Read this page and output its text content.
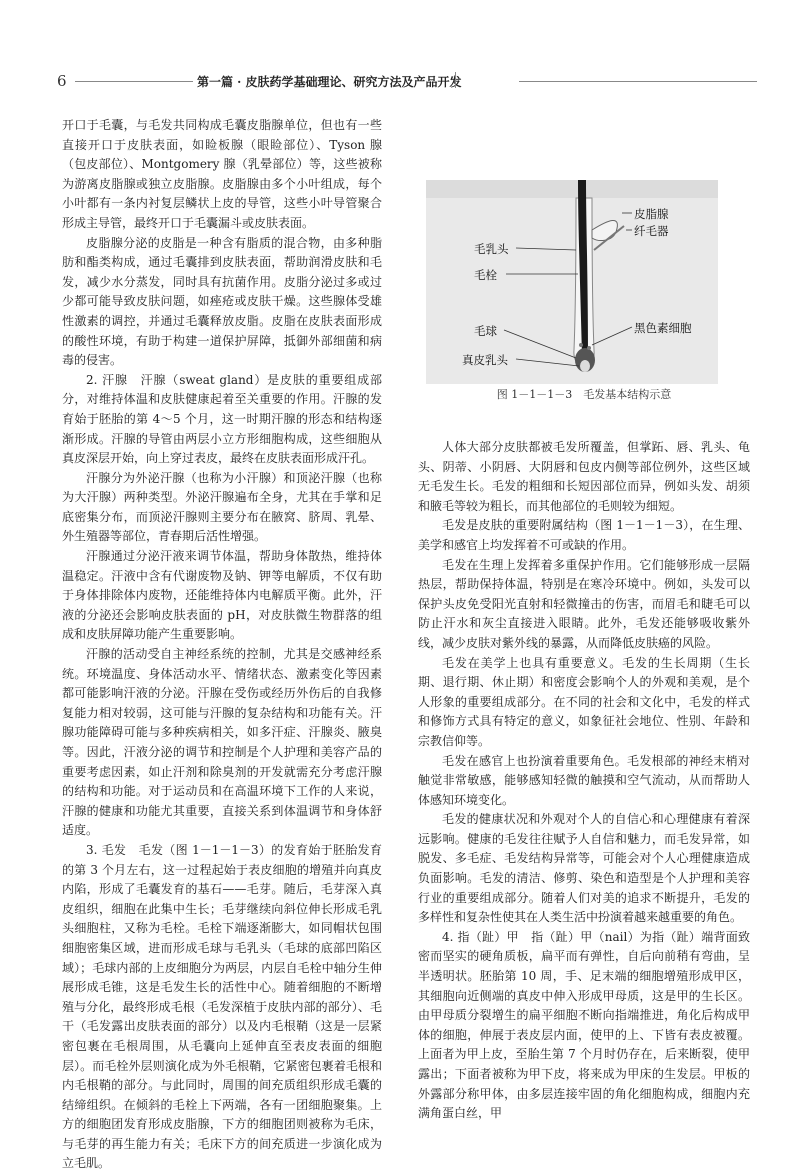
6	第一篇 · 皮肤药学基础理论、研究方法及产品开发

开口于毛囊，与毛发共同构成毛囊皮脂腺单位，但也有一些直接开口于皮肤表面，如睑板腺（眼睑部位）、Tyson 腺（包皮部位）、Montgomery 腺（乳晕部位）等，这些被称为游离皮脂腺或独立皮脂腺。皮脂腺由多个小叶组成，每个小叶都有一条内衬复层鳞状上皮的导管，这些小叶导管聚合形成主导管，最终开口于毛囊漏斗或皮肤表面。

皮脂腺分泌的皮脂是一种含有脂质的混合物，由多种脂肪和酯类构成，通过毛囊排到皮肤表面，帮助润滑皮肤和毛发，减少水分蒸发，同时具有抗菌作用。皮脂分泌过多或过少都可能导致皮肤问题，如痤疮或皮肤干燥。这些腺体受雄性激素的调控，并通过毛囊释放皮脂。皮脂在皮肤表面形成的酸性环境，有助于构建一道保护屏障，抵御外部细菌和病毒的侵害。

2. 汗腺　汗腺（sweat gland）是皮肤的重要组成部分，对维持体温和皮肤健康起着至关重要的作用。汗腺的发育始于胚胎的第 4～5 个月，这一时期汗腺的形态和结构逐渐形成。汗腺的导管由两层小立方形细胞构成，这些细胞从真皮深层开始，向上穿过表皮，最终在皮肤表面形成汗孔。

汗腺分为外泌汗腺（也称为小汗腺）和顶泌汗腺（也称为大汗腺）两种类型。外泌汗腺遍布全身，尤其在手掌和足底密集分布，而顶泌汗腺则主要分布在腋窝、脐周、乳晕、外生殖器等部位，青春期后活性增强。

汗腺通过分泌汗液来调节体温，帮助身体散热，维持体温稳定。汗液中含有代谢废物及钠、钾等电解质，不仅有助于身体排除体内废物，还能维持体内电解质平衡。此外，汗液的分泌还会影响皮肤表面的 pH，对皮肤微生物群落的组成和皮肤屏障功能产生重要影响。

汗腺的活动受自主神经系统的控制，尤其是交感神经系统。环境温度、身体活动水平、情绪状态、激素变化等因素都可能影响汗液的分泌。汗腺在受伤或经历外伤后的自我修复能力相对较弱，这可能与汗腺的复杂结构和功能有关。汗腺功能障碍可能与多种疾病相关，如多汗症、汗腺炎、腋臭等。因此，汗液分泌的调节和控制是个人护理和美容产品的重要考虑因素，如止汗剂和除臭剂的开发就需充分考虑汗腺的结构和功能。对于运动员和在高温环境下工作的人来说，汗腺的健康和功能尤其重要，直接关系到体温调节和身体舒适度。

3. 毛发　毛发（图 1－1－1－3）的发育始于胚胎发育的第 3 个月左右，这一过程起始于表皮细胞的增殖并向真皮内陷，形成了毛囊发育的基石——毛芽。随后，毛芽深入真皮组织，细胞在此集中生长；毛芽继续向斜位伸长形成毛乳头细胞柱，又称为毛栓。毛栓下端逐渐膨大，如同帽状包围细胞密集区域，进而形成毛球与毛乳头（毛球的底部凹陷区域）；毛球内部的上皮细胞分为两层，内层自毛栓中轴分生伸展形成毛锥，这是毛发生长的活性中心。随着细胞的不断增殖与分化，最终形成毛根（毛发深植于皮肤内部的部分）、毛干（毛发露出皮肤表面的部分）以及内毛根鞘（这是一层紧密包裹在毛根周围，从毛囊向上延伸直至表皮表面的细胞层）。而毛栓外层则演化成为外毛根鞘，它紧密包裹着毛根和内毛根鞘的部分。与此同时，周围的间充质组织形成毛囊的结缔组织。在倾斜的毛栓上下两端，各有一团细胞聚集。上方的细胞团发育形成皮脂腺，下方的细胞团则被称为毛床，与毛芽的再生能力有关；毛床下方的间充质进一步演化成为立毛肌。

皮脂腺
纤毛器
毛乳头
毛栓
毛球
真皮乳头
黑色素细胞
图 1－1－1－3　毛发基本结构示意

人体大部分皮肤都被毛发所覆盖，但掌跖、唇、乳头、龟头、阴蒂、小阴唇、大阴唇和包皮内侧等部位例外，这些区域无毛发生长。毛发的粗细和长短因部位而异，例如头发、胡须和腋毛等较为粗长，而其他部位的毛则较为细短。

毛发是皮肤的重要附属结构（图 1－1－1－3），在生理、美学和感官上均发挥着不可或缺的作用。

毛发在生理上发挥着多重保护作用。它们能够形成一层隔热层，帮助保持体温，特别是在寒冷环境中。例如，头发可以保护头皮免受阳光直射和轻微撞击的伤害，而眉毛和睫毛可以防止汗水和灰尘直接进入眼睛。此外，毛发还能够吸收紫外线，减少皮肤对紫外线的暴露，从而降低皮肤癌的风险。

毛发在美学上也具有重要意义。毛发的生长周期（生长期、退行期、休止期）和密度会影响个人的外观和美观，是个人形象的重要组成部分。在不同的社会和文化中，毛发的样式和修饰方式具有特定的意义，如象征社会地位、性别、年龄和宗教信仰等。

毛发在感官上也扮演着重要角色。毛发根部的神经末梢对触觉非常敏感，能够感知轻微的触摸和空气流动，从而帮助人体感知环境变化。

毛发的健康状况和外观对个人的自信心和心理健康有着深远影响。健康的毛发往往赋予人自信和魅力，而毛发异常，如脱发、多毛症、毛发结构异常等，可能会对个人心理健康造成负面影响。毛发的清洁、修剪、染色和造型是个人护理和美容行业的重要组成部分。随着人们对美的追求不断提升，毛发的多样性和复杂性使其在人类生活中扮演着越来越重要的角色。

4. 指（趾）甲　指（趾）甲（nail）为指（趾）端背面致密而坚实的硬角质板，扁平而有弹性，自后向前稍有弯曲，呈半透明状。胚胎第 10 周，手、足末端的细胞增殖形成甲区，其细胞向近侧端的真皮中伸入形成甲母质，这是甲的生长区。由甲母质分裂增生的扁平细胞不断向指端推进，角化后构成甲体的细胞，伸展于表皮层内面，使甲的上、下皆有表皮被覆。上面者为甲上皮，至胎生第 7 个月时仍存在，后来断裂，使甲露出；下面者被称为甲下皮，将来成为甲床的生发层。甲板的外露部分称甲体，由多层连接牢固的角化细胞构成，细胞内充满角蛋白丝，甲
